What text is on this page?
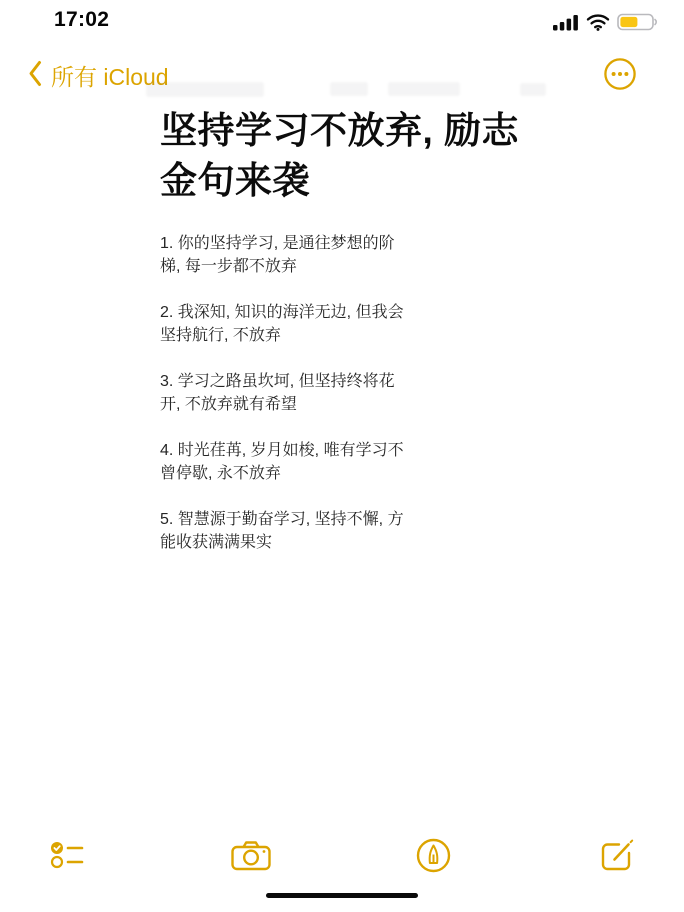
17:02
所有 iCloud
坚持学习不放弃, 励志
金句来袭

1. 你的坚持学习, 是通往梦想的阶
梯, 每一步都不放弃

2. 我深知, 知识的海洋无边, 但我会
坚持航行, 不放弃

3. 学习之路虽坎坷, 但坚持终将花
开, 不放弃就有希望

4. 时光荏苒, 岁月如梭, 唯有学习不
曾停歇, 永不放弃

5. 智慧源于勤奋学习, 坚持不懈, 方
能收获满满果实
